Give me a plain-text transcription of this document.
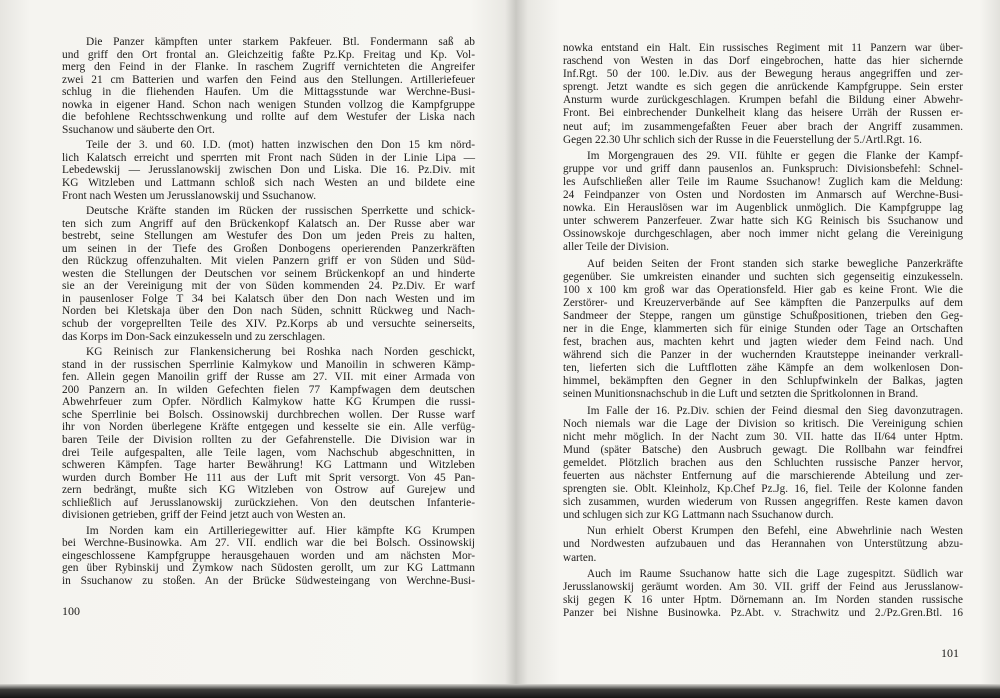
Die Panzer kämpften unter starkem Pakfeuer. Btl. Fondermann saß ab
und griff den Ort frontal an. Gleichzeitig faßte Pz.Kp. Freitag und Kp. Vol-
merg den Feind in der Flanke. In raschem Zugriff vernichteten die Angreifer
zwei 21 cm Batterien und warfen den Feind aus den Stellungen. Artilleriefeuer
schlug in die fliehenden Haufen. Um die Mittagsstunde war Werchne-Busi-
nowka in eigener Hand. Schon nach wenigen Stunden vollzog die Kampfgruppe
die befohlene Rechtsschwenkung und rollte auf dem Westufer der Liska nach
Ssuchanow und säuberte den Ort.
Teile der 3. und 60. I.D. (mot) hatten inzwischen den Don 15 km nörd-
lich Kalatsch erreicht und sperrten mit Front nach Süden in der Linie Lipa —
Lebedewskij — Jerusslanowskij zwischen Don und Liska. Die 16. Pz.Div. mit
KG Witzleben und Lattmann schloß sich nach Westen an und bildete eine
Front nach Westen um Jerusslanowskij und Ssuchanow.
Deutsche Kräfte standen im Rücken der russischen Sperrkette und schick-
ten sich zum Angriff auf den Brückenkopf Kalatsch an. Der Russe aber war
bestrebt, seine Stellungen am Westufer des Don um jeden Preis zu halten,
um seinen in der Tiefe des Großen Donbogens operierenden Panzerkräften
den Rückzug offenzuhalten. Mit vielen Panzern griff er von Süden und Süd-
westen die Stellungen der Deutschen vor seinem Brückenkopf an und hinderte
sie an der Vereinigung mit der von Süden kommenden 24. Pz.Div. Er warf
in pausenloser Folge T 34 bei Kalatsch über den Don nach Westen und im
Norden bei Kletskaja über den Don nach Süden, schnitt Rückweg und Nach-
schub der vorgeprellten Teile des XIV. Pz.Korps ab und versuchte seinerseits,
das Korps im Don-Sack einzukesseln und zu zerschlagen.
KG Reinisch zur Flankensicherung bei Roshka nach Norden geschickt,
stand in der russischen Sperrlinie Kalmykow und Manoilin in schweren Kämp-
fen. Allein gegen Manoilin griff der Russe am 27. VII. mit einer Armada von
200 Panzern an. In wilden Gefechten fielen 77 Kampfwagen dem deutschen
Abwehrfeuer zum Opfer. Nördlich Kalmykow hatte KG Krumpen die russi-
sche Sperrlinie bei Bolsch. Ossinowskij durchbrechen wollen. Der Russe warf
ihr von Norden überlegene Kräfte entgegen und kesselte sie ein. Alle verfüg-
baren Teile der Division rollten zu der Gefahrenstelle. Die Division war in
drei Teile aufgespalten, alle Teile lagen, vom Nachschub abgeschnitten, in
schweren Kämpfen. Tage harter Bewährung! KG Lattmann und Witzleben
wurden durch Bomber He 111 aus der Luft mit Sprit versorgt. Von 45 Pan-
zern bedrängt, mußte sich KG Witzleben von Ostrow auf Gurejew und
schließlich auf Jerusslanowskij zurückziehen. Von den deutschen Infanterie-
divisionen getrieben, griff der Feind jetzt auch von Westen an.
Im Norden kam ein Artilleriegewitter auf. Hier kämpfte KG Krumpen
bei Werchne-Businowka. Am 27. VII. endlich war die bei Bolsch. Ossinowskij
eingeschlossene Kampfgruppe herausgehauen worden und am nächsten Mor-
gen über Rybinskij und Zymkow nach Südosten gerollt, um zur KG Lattmann
in Ssuchanow zu stoßen. An der Brücke Südwesteingang von Werchne-Busi-
nowka entstand ein Halt. Ein russisches Regiment mit 11 Panzern war über-
raschend von Westen in das Dorf eingebrochen, hatte das hier sichernde
Inf.Rgt. 50 der 100. le.Div. aus der Bewegung heraus angegriffen und zer-
sprengt. Jetzt wandte es sich gegen die anrückende Kampfgruppe. Sein erster
Ansturm wurde zurückgeschlagen. Krumpen befahl die Bildung einer Abwehr-
Front. Bei einbrechender Dunkelheit klang das heisere Urräh der Russen er-
neut auf; im zusammengefaßten Feuer aber brach der Angriff zusammen.
Gegen 22.30 Uhr schlich sich der Russe in die Feuerstellung der 5./Artl.Rgt. 16.
Im Morgengrauen des 29. VII. fühlte er gegen die Flanke der Kampf-
gruppe vor und griff dann pausenlos an. Funkspruch: Divisionsbefehl: Schnel-
les Aufschließen aller Teile im Raume Ssuchanow! Zuglich kam die Meldung:
24 Feindpanzer von Osten und Nordosten im Anmarsch auf Werchne-Busi-
nowka. Ein Herauslösen war im Augenblick unmöglich. Die Kampfgruppe lag
unter schwerem Panzerfeuer. Zwar hatte sich KG Reinisch bis Ssuchanow und
Ossinowskoje durchgeschlagen, aber noch immer nicht gelang die Vereinigung
aller Teile der Division.
Auf beiden Seiten der Front standen sich starke bewegliche Panzerkräfte
gegenüber. Sie umkreisten einander und suchten sich gegenseitig einzukesseln.
100 x 100 km groß war das Operationsfeld. Hier gab es keine Front. Wie die
Zerstörer- und Kreuzerverbände auf See kämpften die Panzerpulks auf dem
Sandmeer der Steppe, rangen um günstige Schußpositionen, trieben den Geg-
ner in die Enge, klammerten sich für einige Stunden oder Tage an Ortschaften
fest, brachen aus, machten kehrt und jagten wieder dem Feind nach. Und
während sich die Panzer in der wuchernden Krautsteppe ineinander verkrall-
ten, lieferten sich die Luftflotten zähe Kämpfe an dem wolkenlosen Don-
himmel, bekämpften den Gegner in den Schlupfwinkeln der Balkas, jagten
seinen Munitionsnachschub in die Luft und setzten die Spritkolonnen in Brand.
Im Falle der 16. Pz.Div. schien der Feind diesmal den Sieg davonzutragen.
Noch niemals war die Lage der Division so kritisch. Die Vereinigung schien
nicht mehr möglich. In der Nacht zum 30. VII. hatte das II/64 unter Hptm.
Mund (später Batsche) den Ausbruch gewagt. Die Rollbahn war feindfrei
gemeldet. Plötzlich brachen aus den Schluchten russische Panzer hervor,
feuerten aus nächster Entfernung auf die marschierende Abteilung und zer-
sprengten sie. Oblt. Kleinholz, Kp.Chef Pz.Jg. 16, fiel. Teile der Kolonne fanden
sich zusammen, wurden wiederum von Russen angegriffen. Reste kamen davon
und schlugen sich zur KG Lattmann nach Ssuchanow durch.
Nun erhielt Oberst Krumpen den Befehl, eine Abwehrlinie nach Westen
und Nordwesten aufzubauen und das Herannahen von Unterstützung abzu-
warten.
Auch im Raume Ssuchanow hatte sich die Lage zugespitzt. Südlich war
Jerusslanowskij geräumt worden. Am 30. VII. griff der Feind aus Jerusslanow-
skij gegen K 16 unter Hptm. Dörnemann an. Im Norden standen russische
Panzer bei Nishne Businowka. Pz.Abt. v. Strachwitz und 2./Pz.Gren.Btl. 16
100
101
